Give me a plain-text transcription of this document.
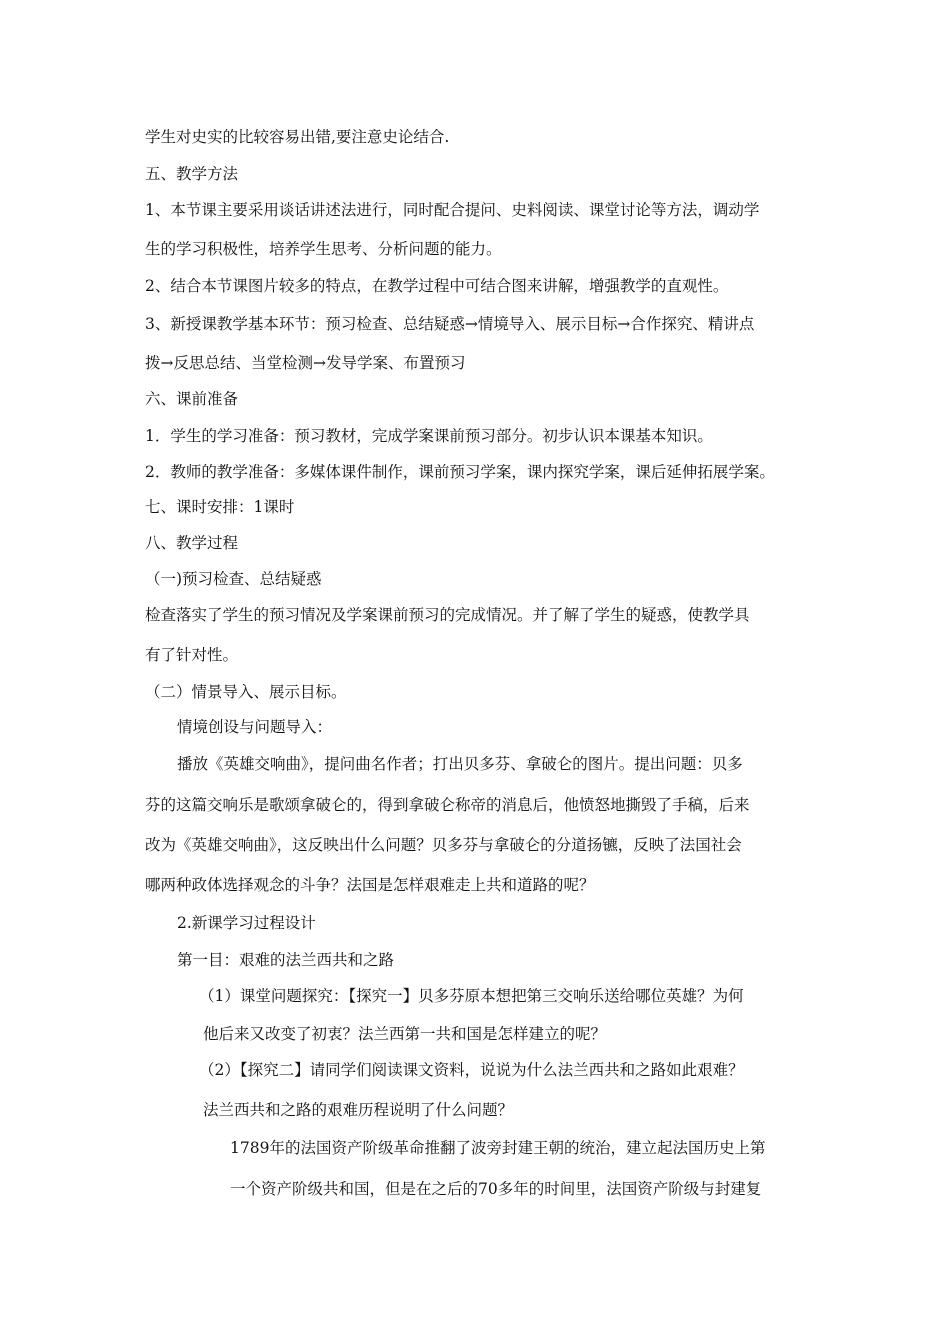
学生对史实的比较容易出错,要注意史论结合.
五、教学方法
1、本节课主要采用谈话讲述法进行，同时配合提问、史料阅读、课堂讨论等方法，调动学
生的学习积极性，培养学生思考、分析问题的能力。
2、结合本节课图片较多的特点，在教学过程中可结合图来讲解，增强教学的直观性。
3、新授课教学基本环节：预习检查、总结疑惑→情境导入、展示目标→合作探究、精讲点
拨→反思总结、当堂检测→发导学案、布置预习
六、课前准备
1．学生的学习准备：预习教材，完成学案课前预习部分。初步认识本课基本知识。
2．教师的教学准备：多媒体课件制作，课前预习学案，课内探究学案，课后延伸拓展学案。
七、课时安排：1课时
八、教学过程
（一)预习检查、总结疑惑
检查落实了学生的预习情况及学案课前预习的完成情况。并了解了学生的疑惑，使教学具
有了针对性。
（二）情景导入、展示目标。
情境创设与问题导入：
播放《英雄交响曲》，提问曲名作者；打出贝多芬、拿破仑的图片。提出问题：贝多
芬的这篇交响乐是歌颂拿破仑的，得到拿破仑称帝的消息后，他愤怒地撕毁了手稿，后来
改为《英雄交响曲》，这反映出什么问题？贝多芬与拿破仑的分道扬镳，反映了法国社会
哪两种政体选择观念的斗争？法国是怎样艰难走上共和道路的呢？
2.新课学习过程设计
第一目：艰难的法兰西共和之路
（1）课堂问题探究：【探究一】贝多芬原本想把第三交响乐送给哪位英雄？为何
他后来又改变了初衷？法兰西第一共和国是怎样建立的呢？
（2）【探究二】请同学们阅读课文资料，说说为什么法兰西共和之路如此艰难？
法兰西共和之路的艰难历程说明了什么问题？
1789年的法国资产阶级革命推翻了波旁封建王朝的统治，建立起法国历史上第
一个资产阶级共和国，但是在之后的70多年的时间里，法国资产阶级与封建复
